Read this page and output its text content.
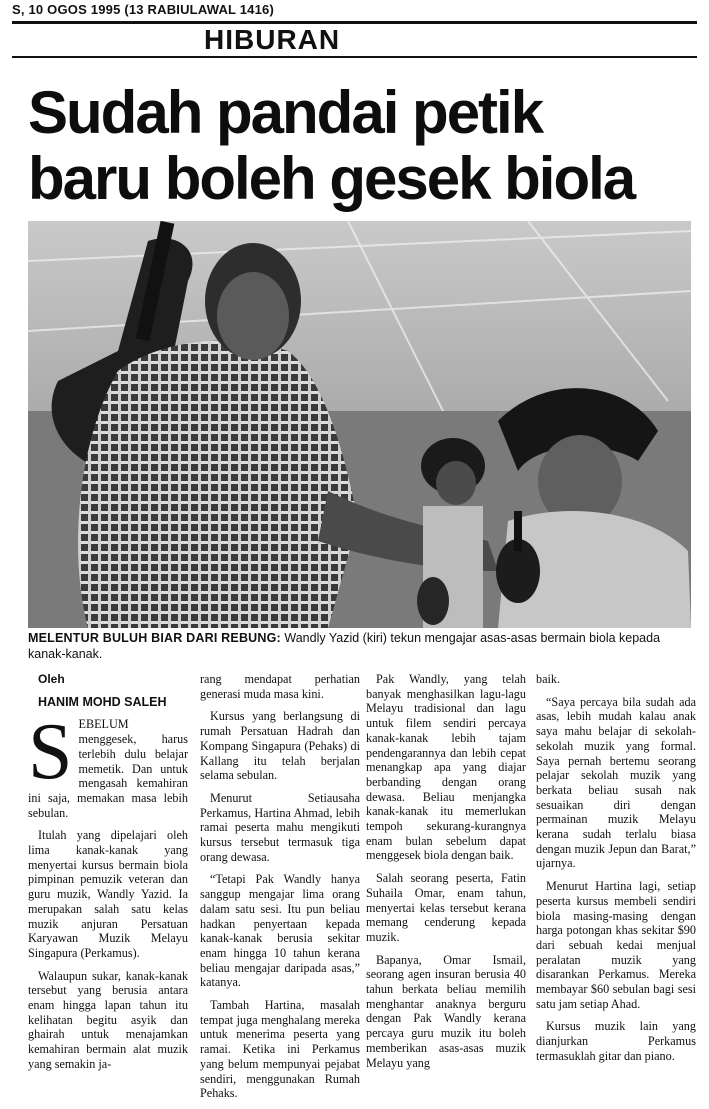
S, 10 OGOS 1995 (13 RABIULAWAL 1416)
HIBURAN
Sudah pandai petik
baru boleh gesek biola
MELENTUR BULUH BIAR DARI REBUNG: Wandly Yazid (kiri) tekun mengajar asas-asas bermain biola kepada kanak-kanak.

Oleh

HANIM MOHD SALEH

SEBELUM menggesek, harus terlebih dulu belajar memetik. Dan untuk mengasah kemahiran ini saja, memakan masa lebih sebulan.

Itulah yang dipelajari oleh lima kanak-kanak yang menyertai kursus bermain biola pimpinan pemuzik veteran dan guru muzik, Wandly Yazid. Ia merupakan salah satu kelas muzik anjuran Persatuan Karyawan Muzik Melayu Singapura (Perkamus).

Walaupun sukar, kanak-kanak tersebut yang berusia antara enam hingga lapan tahun itu kelihatan begitu asyik dan ghairah untuk menajamkan kemahiran bermain alat muzik yang semakin ja-

rang mendapat perhatian generasi muda masa kini.

Kursus yang berlangsung di rumah Persatuan Hadrah dan Kompang Singapura (Pehaks) di Kallang itu telah berjalan selama sebulan.

Menurut Setiausaha Perkamus, Hartina Ahmad, lebih ramai peserta mahu mengikuti kursus tersebut termasuk tiga orang dewasa.

“Tetapi Pak Wandly hanya sanggup mengajar lima orang dalam satu sesi. Itu pun beliau hadkan penyertaan kepada kanak-kanak berusia sekitar enam hingga 10 tahun kerana beliau mengajar daripada asas,” katanya.

Tambah Hartina, masalah tempat juga menghalang mereka untuk menerima peserta yang ramai. Ketika ini Perkamus yang belum mempunyai pejabat sendiri, menggunakan Rumah Pehaks.

Pak Wandly, yang telah banyak menghasilkan lagu-lagu Melayu tradisional dan lagu untuk filem sendiri percaya kanak-kanak lebih tajam pendengarannya dan lebih cepat menangkap apa yang diajar berbanding dengan orang dewasa. Beliau menjangka kanak-kanak itu memerlukan tempoh sekurang-kurangnya enam bulan sebelum dapat menggesek biola dengan baik.

Salah seorang peserta, Fatin Suhaila Omar, enam tahun, menyertai kelas tersebut kerana memang cenderung kepada muzik.

Bapanya, Omar Ismail, seorang agen insuran berusia 40 tahun berkata beliau memilih menghantar anaknya berguru dengan Pak Wandly kerana percaya guru muzik itu boleh memberikan asas-asas muzik Melayu yang

baik.

“Saya percaya bila sudah ada asas, lebih mudah kalau anak saya mahu belajar di sekolah-sekolah muzik yang formal. Saya pernah bertemu seorang pelajar sekolah muzik yang berkata beliau susah nak sesuaikan diri dengan permainan muzik Melayu kerana sudah terlalu biasa dengan muzik Jepun dan Barat,” ujarnya.

Menurut Hartina lagi, setiap peserta kursus membeli sendiri biola masing-masing dengan harga potongan khas sekitar $90 dari sebuah kedai menjual peralatan muzik yang disarankan Perkamus. Mereka membayar $60 sebulan bagi sesi satu jam setiap Ahad.

Kursus muzik lain yang dianjurkan Perkamus termasuklah gitar dan piano.
